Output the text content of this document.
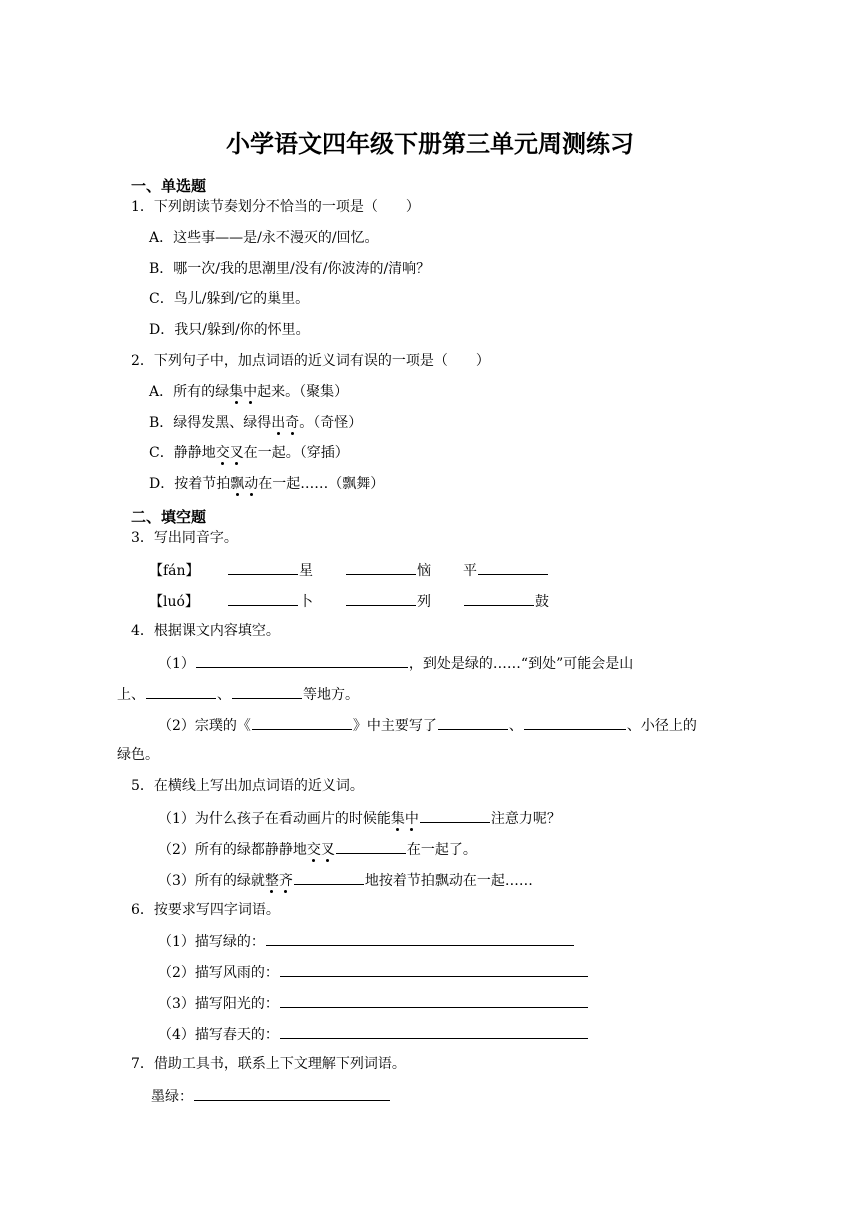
小学语文四年级下册第三单元周测练习
一、单选题
1．下列朗读节奏划分不恰当的一项是（　　）
A．这些事——是/永不漫灭的/回忆。
B．哪一次/我的思潮里/没有/你波涛的/清响？
C．鸟儿/躲到/它的巢里。
D．我只/躲到/你的怀里。
2．下列句子中，加点词语的近义词有误的一项是（　　）
A．所有的绿集中起来。（聚集）
B．绿得发黑、绿得出奇。（奇怪）
C．静静地交叉在一起。（穿插）
D．按着节拍飘动在一起……（飘舞）
二、填空题
3．写出同音字。
【fán】	星	恼 平
【luó】	卜	列	鼓
4．根据课文内容填空。
（1）	，到处是绿的……“到处”可能会是山
上、	、	等地方。
（2）宗璞的《	》中主要写了	、	、小径上的
绿色。
5．在横线上写出加点词语的近义词。
（1）为什么孩子在看动画片的时候能集中	注意力呢？
（2）所有的绿都静静地交叉	在一起了。
（3）所有的绿就整齐	地按着节拍飘动在一起……
6．按要求写四字词语。
（1）描写绿的：
（2）描写风雨的：
（3）描写阳光的：
（4）描写春天的：
7．借助工具书，联系上下文理解下列词语。
墨绿：
